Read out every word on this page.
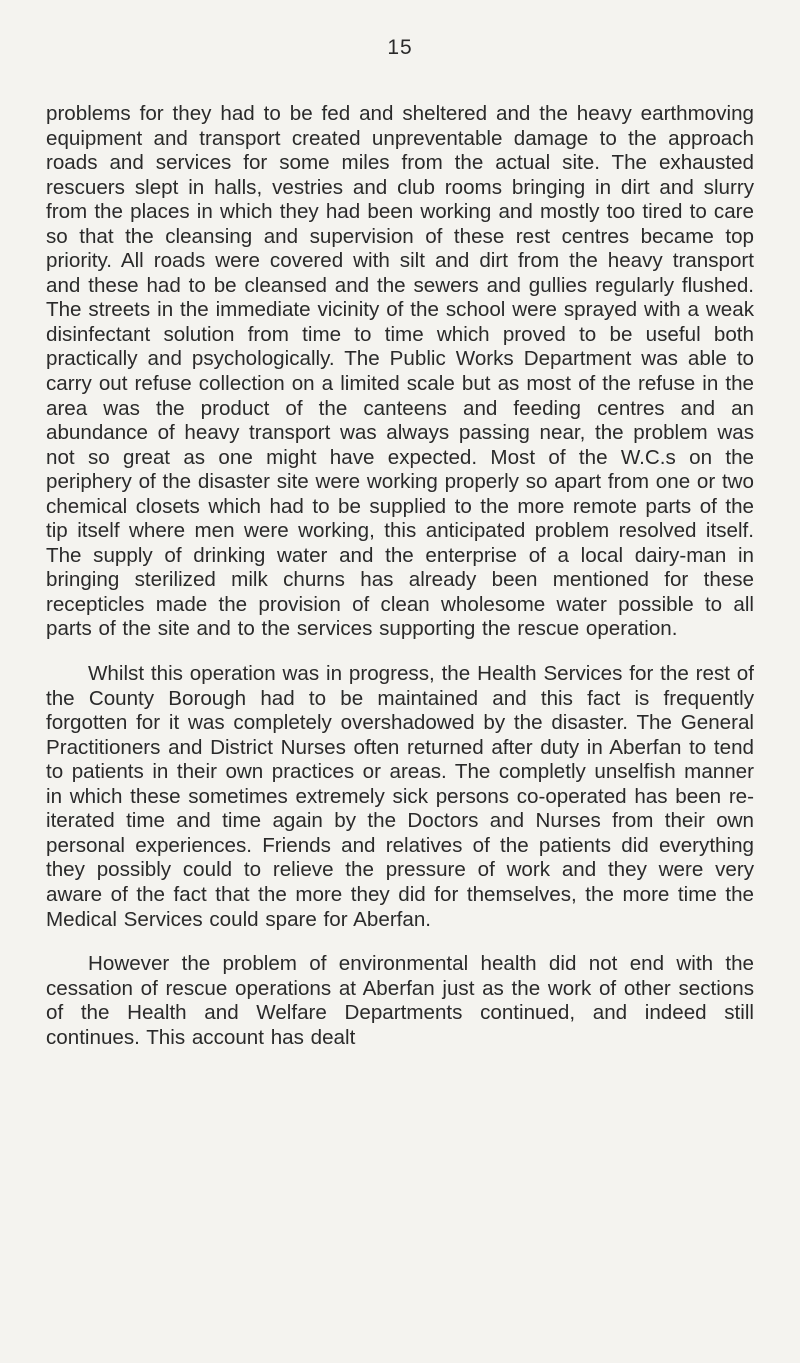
15

problems for they had to be fed and sheltered and the heavy earthmoving equipment and transport created unpreventable damage to the approach roads and services for some miles from the actual site. The exhausted rescuers slept in halls, vestries and club rooms bringing in dirt and slurry from the places in which they had been working and mostly too tired to care so that the cleansing and supervision of these rest centres became top priority. All roads were covered with silt and dirt from the heavy transport and these had to be cleansed and the sewers and gullies regularly flushed. The streets in the immediate vicinity of the school were sprayed with a weak disinfectant solution from time to time which proved to be useful both practically and psychologically. The Public Works Department was able to carry out refuse collection on a limited scale but as most of the refuse in the area was the product of the canteens and feeding centres and an abundance of heavy transport was always passing near, the problem was not so great as one might have expected. Most of the W.C.s on the periphery of the disaster site were working properly so apart from one or two chemical closets which had to be supplied to the more remote parts of the tip itself where men were working, this anticipated problem resolved itself. The supply of drinking water and the enterprise of a local dairy-man in bringing sterilized milk churns has already been mentioned for these recepticles made the provision of clean wholesome water possible to all parts of the site and to the services supporting the rescue operation.

Whilst this operation was in progress, the Health Services for the rest of the County Borough had to be maintained and this fact is frequently forgotten for it was completely overshadowed by the disaster. The General Practitioners and District Nurses often returned after duty in Aberfan to tend to patients in their own practices or areas. The completly unselfish manner in which these sometimes extremely sick persons co-operated has been re-iterated time and time again by the Doctors and Nurses from their own personal experiences. Friends and relatives of the patients did everything they possibly could to relieve the pressure of work and they were very aware of the fact that the more they did for themselves, the more time the Medical Services could spare for Aberfan.

However the problem of environmental health did not end with the cessation of rescue operations at Aberfan just as the work of other sections of the Health and Welfare Departments continued, and indeed still continues. This account has dealt
